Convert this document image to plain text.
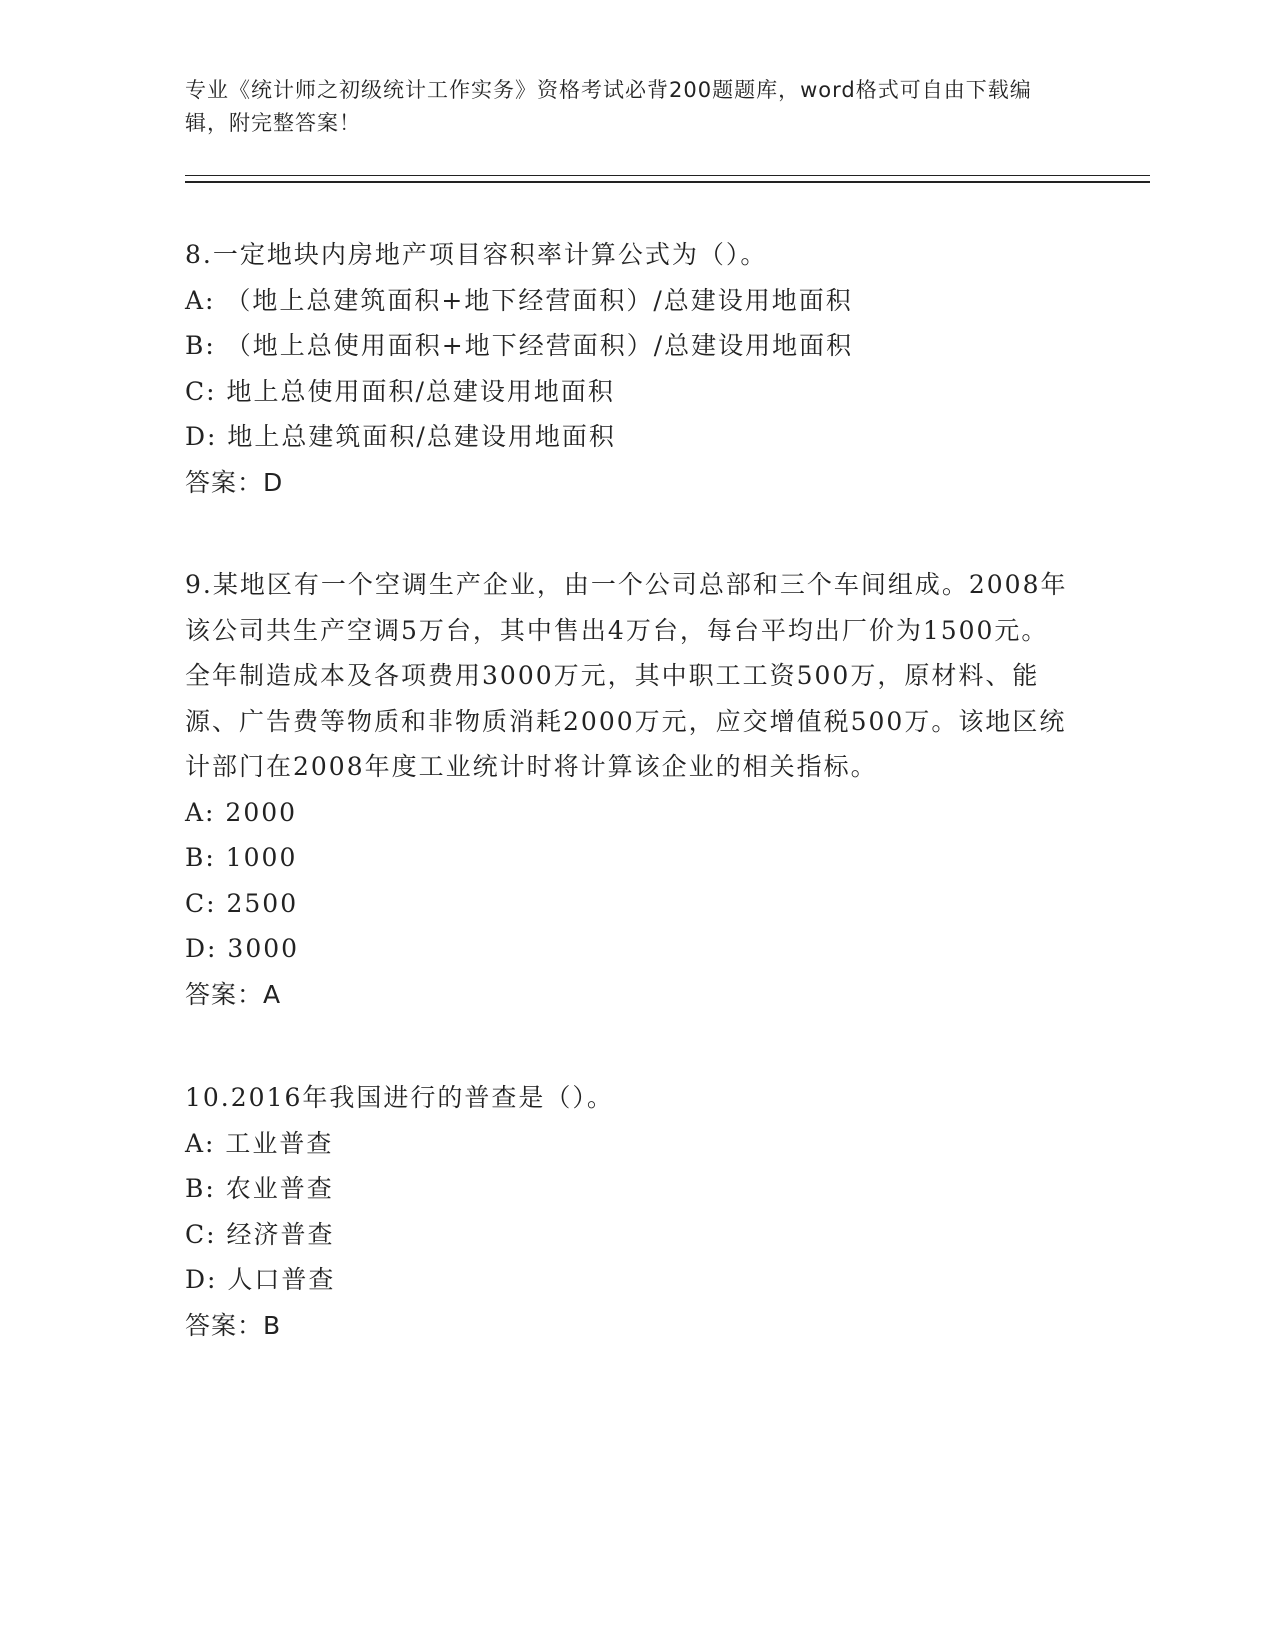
专业《统计师之初级统计工作实务》资格考试必背200题题库，word格式可自由下载编辑，附完整答案！

8.一定地块内房地产项目容积率计算公式为（）。

A: （地上总建筑面积+地下经营面积）/总建设用地面积

B: （地上总使用面积+地下经营面积）/总建设用地面积

C: 地上总使用面积/总建设用地面积

D: 地上总建筑面积/总建设用地面积

答案：D

9.某地区有一个空调生产企业，由一个公司总部和三个车间组成。2008年该公司共生产空调5万台，其中售出4万台，每台平均出厂价为1500元。全年制造成本及各项费用3000万元，其中职工工资500万，原材料、能源、广告费等物质和非物质消耗2000万元，应交增值税500万。该地区统计部门在2008年度工业统计时将计算该企业的相关指标。

A: 2000

B: 1000

C: 2500

D: 3000

答案：A

10.2016年我国进行的普查是（）。

A: 工业普查

B: 农业普查

C: 经济普查

D: 人口普查

答案：B
